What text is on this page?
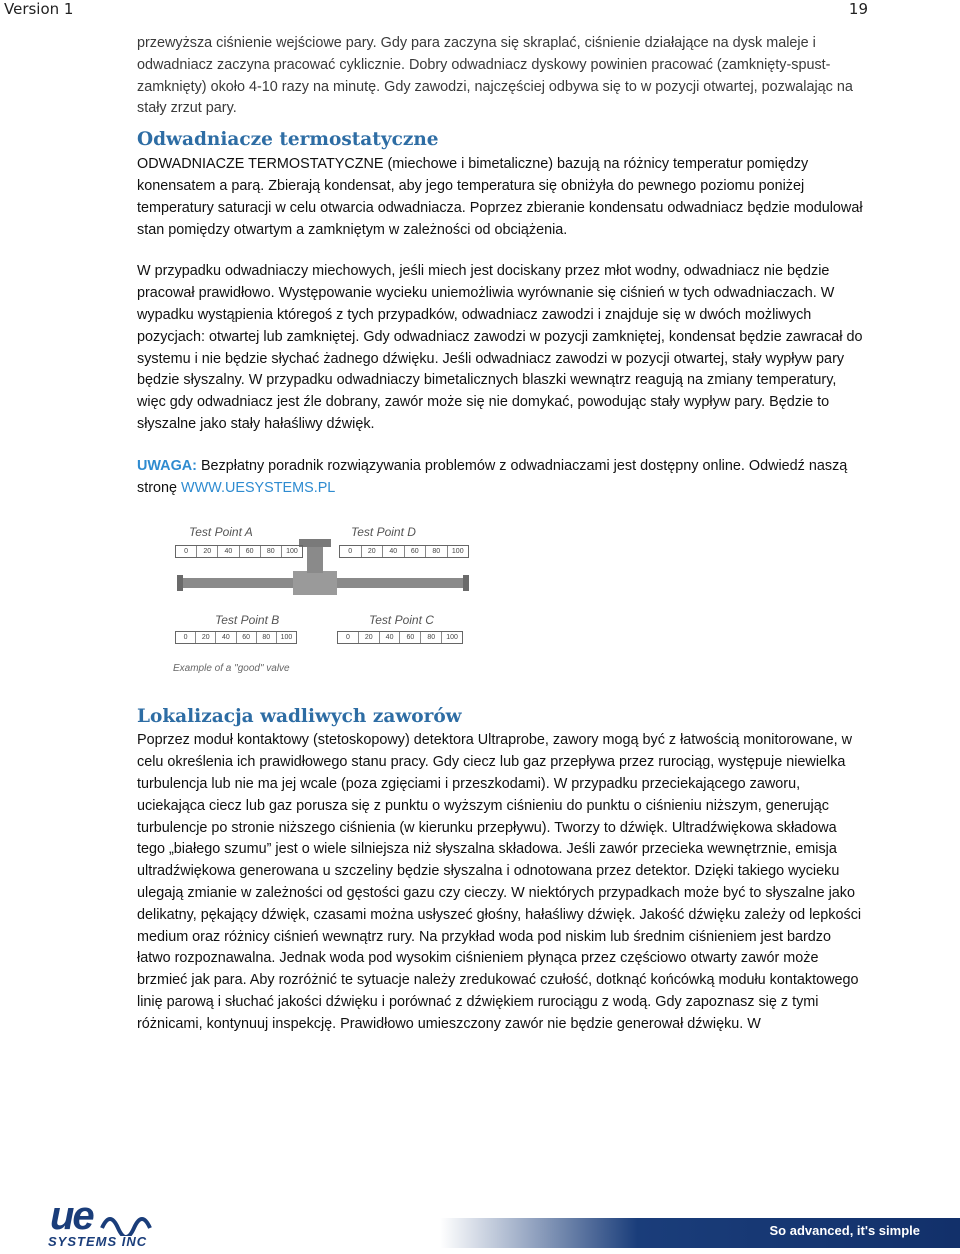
Version 1	19

przewyższa ciśnienie wejściowe pary. Gdy para zaczyna się skraplać, ciśnienie działające na dysk maleje i odwadniacz zaczyna pracować cyklicznie. Dobry odwadniacz dyskowy powinien pracować (zamknięty-spust-zamknięty) około 4-10 razy na minutę. Gdy zawodzi, najczęściej odbywa się to w pozycji otwartej, pozwalając na stały zrzut pary.

Odwadniacze termostatyczne

ODWADNIACZE TERMOSTATYCZNE (miechowe i bimetaliczne) bazują na różnicy temperatur pomiędzy konensatem a parą. Zbierają kondensat, aby jego temperatura się obniżyła do pewnego poziomu poniżej temperatury saturacji w celu otwarcia odwadniacza. Poprzez zbieranie kondensatu odwadniacz będzie modulował stan pomiędzy otwartym a zamkniętym w zależności od obciążenia.

W przypadku odwadniaczy miechowych, jeśli miech jest dociskany przez młot wodny, odwadniacz nie będzie pracował prawidłowo. Występowanie wycieku uniemożliwia wyrównanie się ciśnień w tych odwadniaczach. W wypadku wystąpienia któregoś z tych przypadków, odwadniacz zawodzi i znajduje się w dwóch możliwych pozycjach: otwartej lub zamkniętej. Gdy odwadniacz zawodzi w pozycji zamkniętej, kondensat będzie zawracał do systemu i nie będzie słychać żadnego dźwięku. Jeśli odwadniacz zawodzi w pozycji otwartej, stały wypływ pary będzie słyszalny. W przypadku odwadniaczy bimetalicznych blaszki wewnątrz reagują na zmiany temperatury, więc gdy odwadniacz jest źle dobrany, zawór może się nie domykać, powodując stały wypływ pary. Będzie to słyszalne jako stały hałaśliwy dźwięk.

UWAGA: Bezpłatny poradnik rozwiązywania problemów z odwadniaczami jest dostępny online. Odwiedź naszą stronę WWW.UESYSTEMS.PL

Test Point A	Test Point D
0	20	40	60	80	100	0	20	40	60	80	100
Test Point B	Test Point C
0	20	40	60	80	100	0	20	40	60	80	100
Example of a "good" valve
Lokalizacja wadliwych zaworów

Poprzez moduł kontaktowy (stetoskopowy) detektora Ultraprobe, zawory mogą być z łatwością monitorowane, w celu określenia ich prawidłowego stanu pracy. Gdy ciecz lub gaz przepływa przez rurociąg, występuje niewielka turbulencja lub nie ma jej wcale (poza zgięciami i przeszkodami). W przypadku przeciekającego zaworu, uciekająca ciecz lub gaz porusza się z punktu o wyższym ciśnieniu do punktu o ciśnieniu niższym, generując turbulencje po stronie niższego ciśnienia (w kierunku przepływu). Tworzy to dźwięk. Ultradźwiękowa składowa tego „białego szumu” jest o wiele silniejsza niż słyszalna składowa. Jeśli zawór przecieka wewnętrznie, emisja ultradźwiękowa generowana u szczeliny będzie słyszalna i odnotowana przez detektor. Dzięki takiego wycieku ulegają zmianie w zależności od gęstości gazu czy cieczy. W niektórych przypadkach może być to słyszalne jako delikatny, pękający dźwięk, czasami można usłyszeć głośny, hałaśliwy dźwięk. Jakość dźwięku zależy od lepkości medium oraz różnicy ciśnień wewnątrz rury. Na przykład woda pod niskim lub średnim ciśnieniem jest bardzo łatwo rozpoznawalna. Jednak woda pod wysokim ciśnieniem płynąca przez częściowo otwarty zawór może brzmieć jak para. Aby rozróżnić te sytuacje należy zredukować czułość, dotknąć końcówką modułu kontaktowego linię parową i słuchać jakości dźwięku i porównać z dźwiękiem rurociągu z wodą. Gdy zapoznasz się z tymi różnicami, kontynuuj inspekcję. Prawidłowo umieszczony zawór nie będzie generował dźwięku. W

ue
SYSTEMS INC
So advanced, it's simple
